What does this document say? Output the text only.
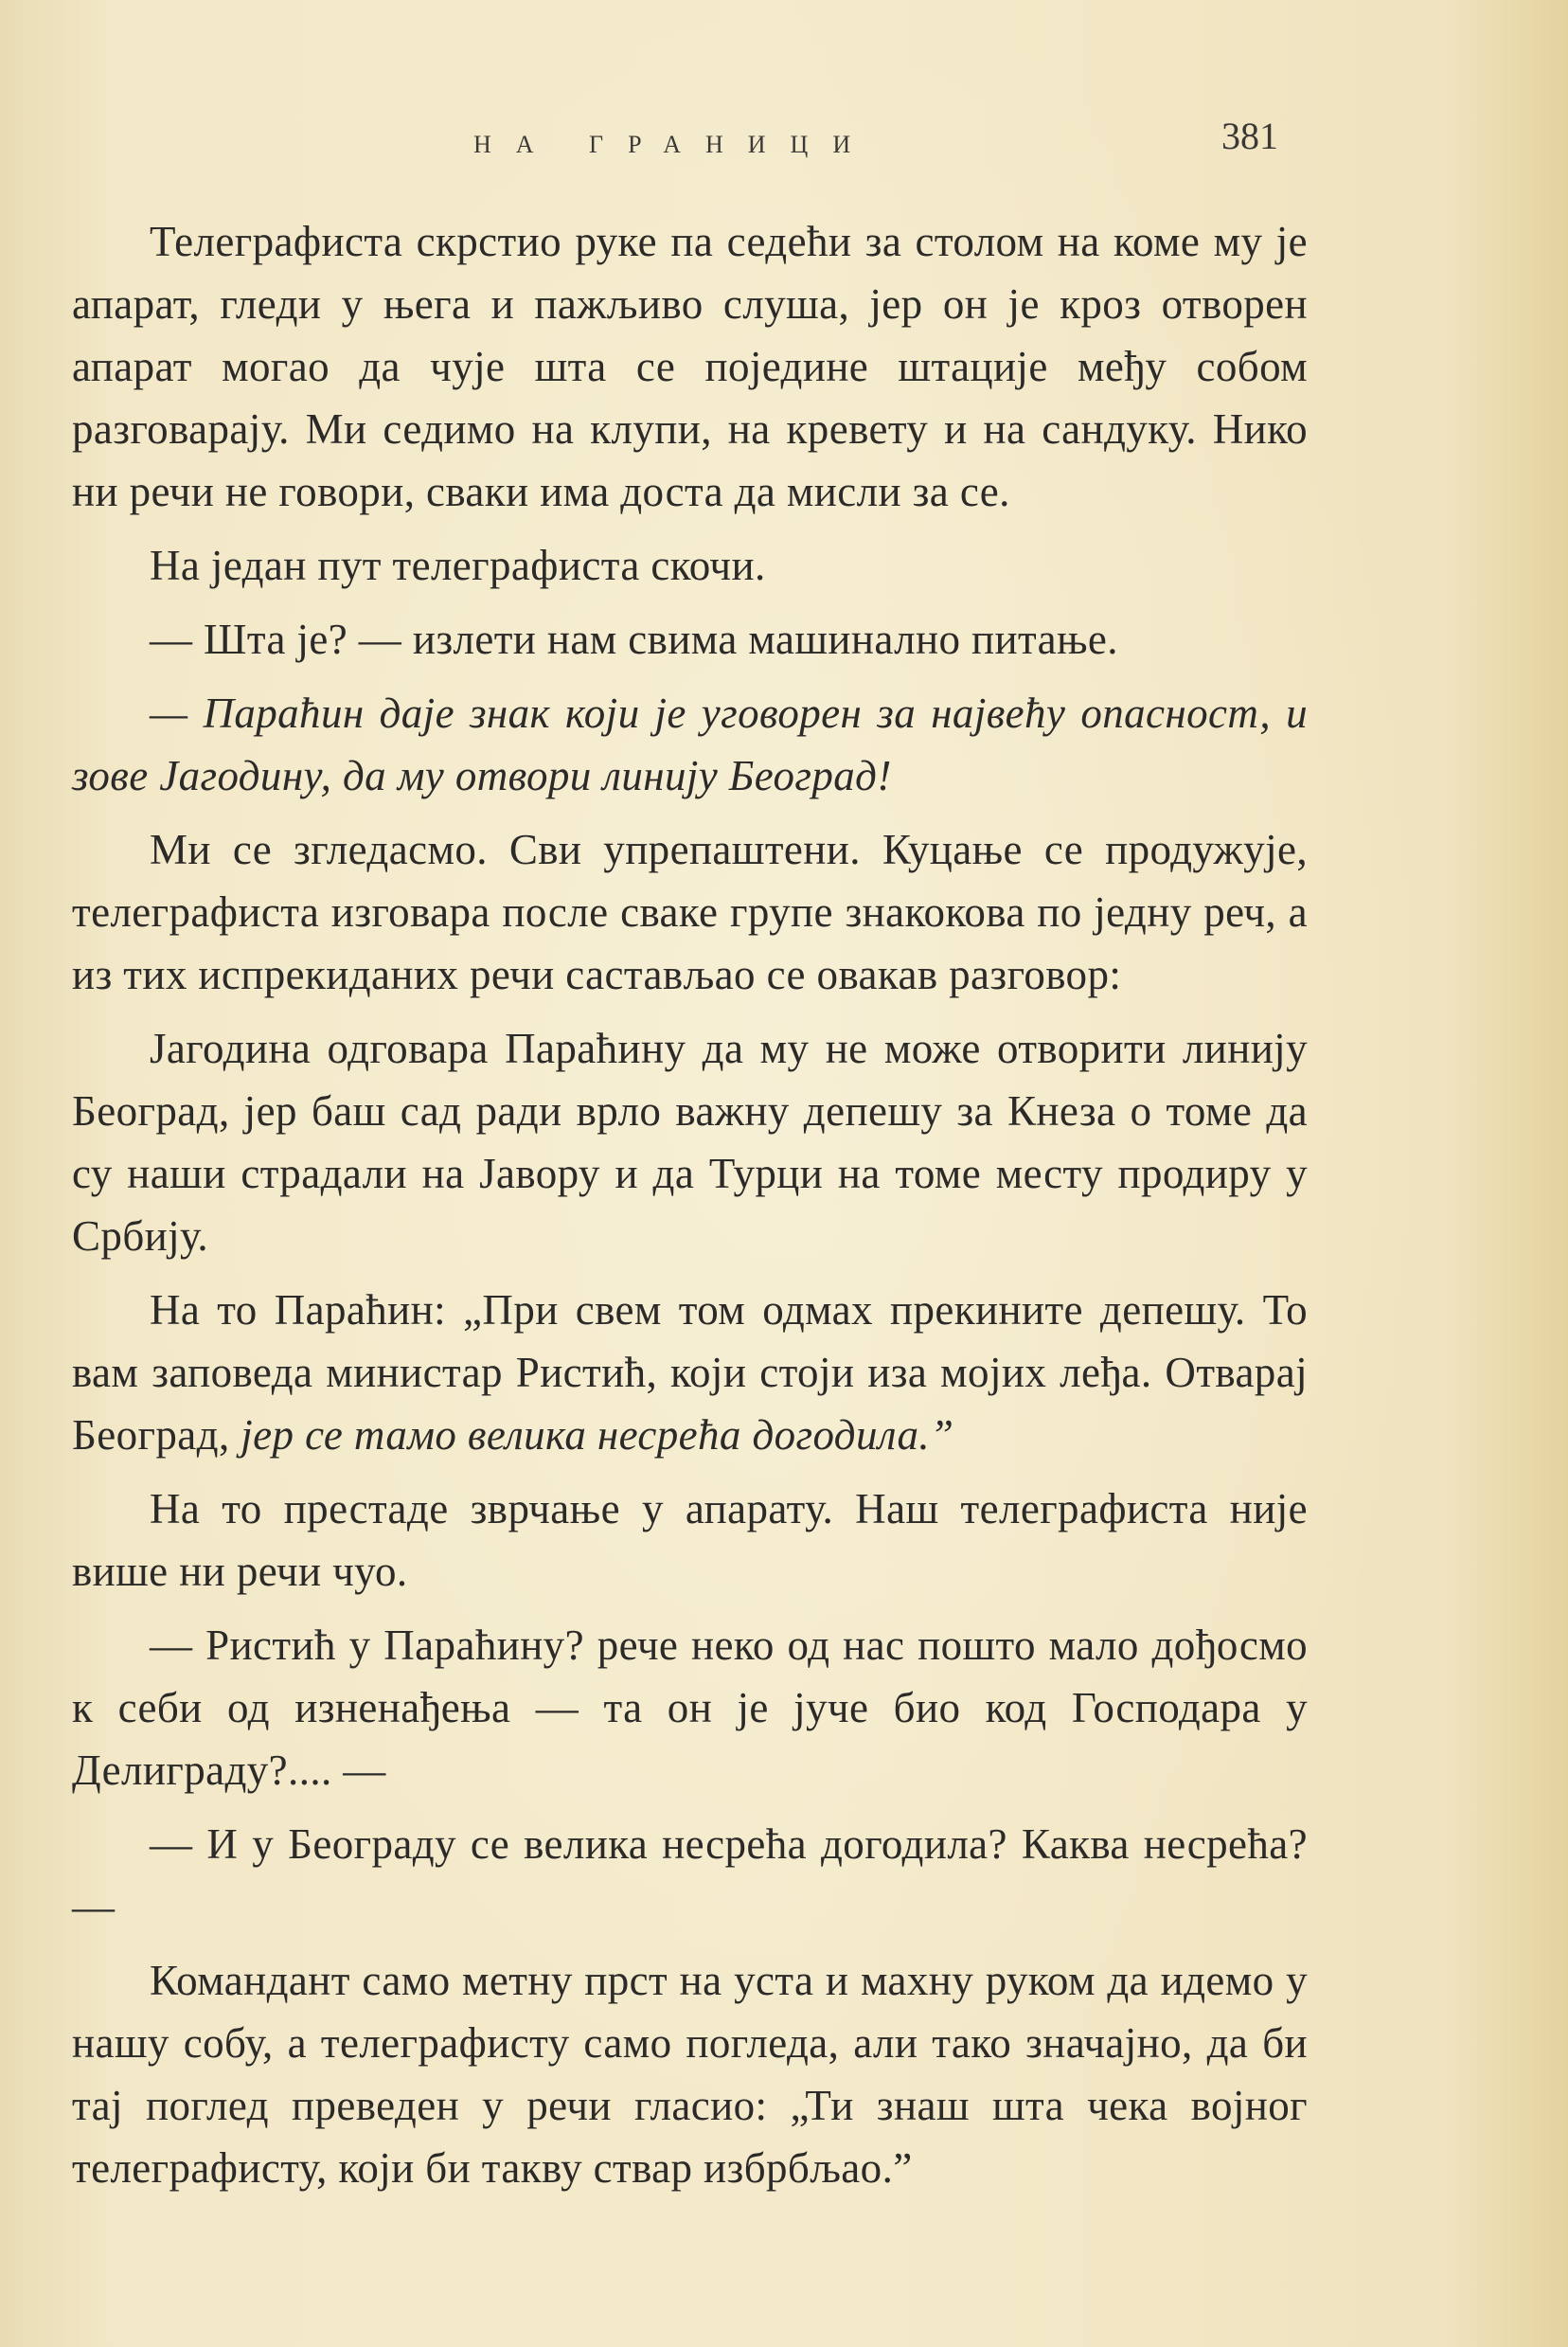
НА ГРАНИЦИ	381

Телеграфиста скрстио руке па седећи за столом на коме му је апарат, гледи у њега и пажљиво слуша, јер он је кроз отворен апарат могао да чује шта се поједине штације међу собом разговарају. Ми седимо на клупи, на кревету и на сандуку. Нико ни речи не говори, сваки има доста да мисли за се.

На један пут телеграфиста скочи.

— Шта је? — излети нам свима машинално питање.

— Параћин даје знак који је уговорен за највећу опасност, и зове Јагодину, да му отвори линију Београд!

Ми се згледасмо. Сви упрепаштени. Куцање се продужује, телеграфиста изговара после сваке групе знакокова по једну реч, а из тих испрекиданих речи састављао се овакав разговор:

Јагодина одговара Параћину да му не може отворити линију Београд, јер баш сад ради врло важну депешу за Кнеза о томе да су наши страдали на Јавору и да Турци на томе месту продиру у Србију.

На то Параћин: „При свем том одмах прекините депешу. То вам заповеда министар Ристић, који стоји иза мојих леђа. Отварај Београд, јер се тамо велика несрећа догодила.”

На то престаде зврчање у апарату. Наш телеграфиста није више ни речи чуо.

— Ристић у Параћину? рече неко од нас пошто мало дођосмо к себи од изненађења — та он је јуче био код Господара у Делиграду?.... —

— И у Београду се велика несрећа догодила? Каква несрећа? —

Командант само метну прст на уста и махну руком да идемо у нашу собу, а телеграфисту само погледа, али тако значајно, да би тај поглед преведен у речи гласио: „Ти знаш шта чека војног телеграфисту, који би такву ствар избрбљао.”
